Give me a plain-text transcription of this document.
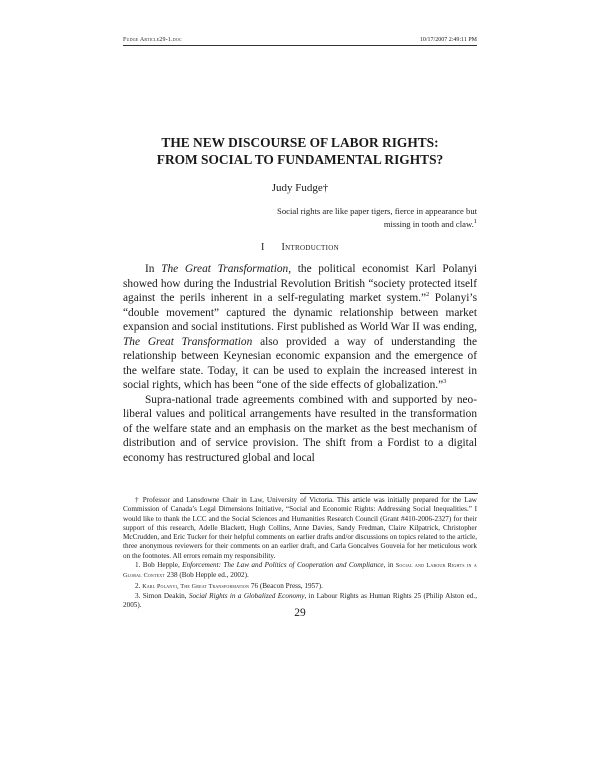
Fudge Article29-1.doc	10/17/2007 2:49:11 PM

THE NEW DISCOURSE OF LABOR RIGHTS:
FROM SOCIAL TO FUNDAMENTAL RIGHTS?
Judy Fudge†
Social rights are like paper tigers, fierce in appearance but
missing in tooth and claw.$^1$
I Introduction

In The Great Transformation, the political economist Karl Polanyi showed how during the Industrial Revolution British “society protected itself against the perils inherent in a self-regulating market system.”$^2$ Polanyi’s “double movement” captured the dynamic relationship between market expansion and social institutions. First published as World War II was ending, The Great Transformation also provided a way of understanding the relationship between Keynesian economic expansion and the emergence of the welfare state. Today, it can be used to explain the increased interest in social rights, which has been “one of the side effects of globalization.”$^3$

Supra-national trade agreements combined with and supported by neo-liberal values and political arrangements have resulted in the transformation of the welfare state and an emphasis on the market as the best mechanism of distribution and of service provision. The shift from a Fordist to a digital economy has restructured global and local

† Professor and Lansdowne Chair in Law, University of Victoria. This article was initially prepared for the Law Commission of Canada’s Legal Dimensions Initiative, “Social and Economic Rights: Addressing Social Inequalities.” I would like to thank the LCC and the Social Sciences and Humanities Research Council (Grant #410-2006-2327) for their support of this research, Adelle Blackett, Hugh Collins, Anne Davies, Sandy Fredman, Claire Kilpatrick, Christopher McCrudden, and Eric Tucker for their helpful comments on earlier drafts and/or discussions on topics related to the article, three anonymous reviewers for their comments on an earlier draft, and Carla Goncalves Gouveia for her meticulous work on the footnotes. All errors remain my responsibility.

1. Bob Hepple, Enforcement: The Law and Politics of Cooperation and Compliance, in Social and Labour Rights in a Global Context 238 (Bob Hepple ed., 2002).

2. Karl Polanyi, The Great Transformation 76 (Beacon Press, 1957).

3. Simon Deakin, Social Rights in a Globalized Economy, in Labour Rights as Human Rights 25 (Philip Alston ed., 2005).

29
